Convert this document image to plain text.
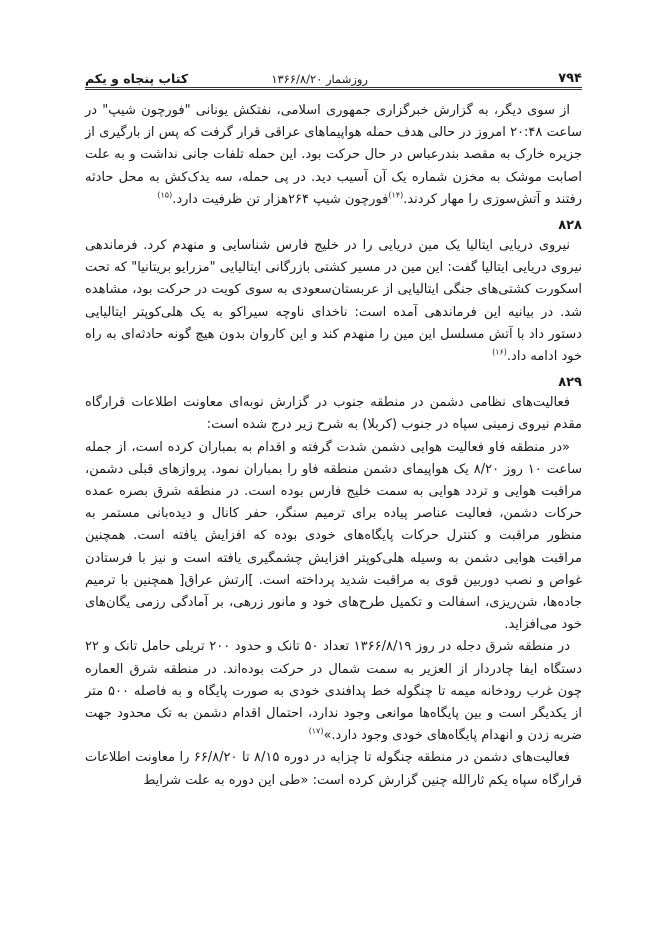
۷۹۴
روزشمار ۱۳۶۶/۸/۲۰
کتاب پنجاه و یکم

از سوی دیگر، به گزارش خبرگزاری جمهوری اسلامی، نفتکش یونانی "فورچون شیپ" در ساعت ۲۰:۴۸ امروز در حالی هدف حمله هواپیماهای عراقی قرار گرفت که پس از بارگیری از جزیره خارک به مقصد بندرعباس در حال حرکت بود. این حمله تلفات جانی نداشت و به علت اصابت موشک به مخزن شماره یک آن آسیب دید. در پی حمله، سه یدک‌کش به محل حادثه رفتند و آتش‌سوزی را مهار کردند.$^{(۱۴)}$فورچون شیپ ۲۶۴هزار تن ظرفیت دارد.$^{(۱۵)}$

۸۲۸

نیروی دریایی ایتالیا یک مین دریایی را در خلیج فارس شناسایی و منهدم کرد. فرماندهی نیروی دریایی ایتالیا گفت: این مین در مسیر کشتی بازرگانی ایتالیایی "مزرایو بریتانیا" که تحت اسکورت کشتی‌های جنگی ایتالیایی از عربستان‌سعودی به سوی کویت در حرکت بود، مشاهده شد. در بیانیه این فرماندهی آمده است: ناخدای ناوچه سیراکو به یک هلی‌کوپتر ایتالیایی دستور داد با آتش مسلسل این مین را منهدم کند و این کاروان بدون هیچ گونه حادثه‌ای به راه خود ادامه داد.$^{(۱۶)}$

۸۲۹

فعالیت‌های نظامی دشمن در منطقه جنوب در گزارش نوبه‌ای معاونت اطلاعات قرارگاه مقدم نیروی زمینی سپاه در جنوب (کربلا) به شرح زیر درج شده است:

«در منطقه فاو فعالیت هوایی دشمن شدت گرفته و اقدام به بمباران کرده است، از جمله ساعت ۱۰ روز ۸/۲۰ یک هواپیمای دشمن منطقه فاو را بمباران نمود. پروازهای قبلی دشمن، مراقبت هوایی و تردد هوایی به سمت خلیج فارس بوده است. در منطقه شرق بصره عمده حرکات دشمن، فعالیت عناصر پیاده برای ترمیم سنگر، حفر کانال و دیده‌بانی مستمر به منظور مراقبت و کنترل حرکات پایگاه‌های خودی بوده که افزایش یافته است. همچنین مراقبت هوایی دشمن به وسیله هلی‌کوپتر افزایش چشمگیری یافته است و نیز با فرستادن غواص و نصب دوربین قوی به مراقبت شدید پرداخته است. ]ارتش عراق[ همچنین با ترمیم جاده‌ها، شن‌ریزی، اسفالت و تکمیل طرح‌های خود و مانور زرهی، بر آمادگی رزمی یگان‌های خود می‌افزاید.

در منطقه شرق دجله در روز ۱۳۶۶/۸/۱۹ تعداد ۵۰ تانک و حدود ۲۰۰ تریلی حامل تانک و ۲۲ دستگاه ایفا چادردار از العزیر به سمت شمال در حرکت بوده‌اند. در منطقه شرق العماره چون غرب رودخانه میمه تا چنگوله خط پدافندی خودی به صورت پایگاه و به فاصله ۵۰۰ متر از یکدیگر است و بین پایگاه‌ها موانعی وجود ندارد، احتمال اقدام دشمن به تک محدود جهت ضربه زدن و انهدام پایگاه‌های خودی وجود دارد.»$^{(۱۷)}$

فعالیت‌های دشمن در منطقه چنگوله تا چزابه در دوره ۸/۱۵ تا ۶۶/۸/۲۰ را معاونت اطلاعات قرارگاه سپاه یکم ثارالله چنین گزارش کرده است: «طی این دوره به علت شرایط
